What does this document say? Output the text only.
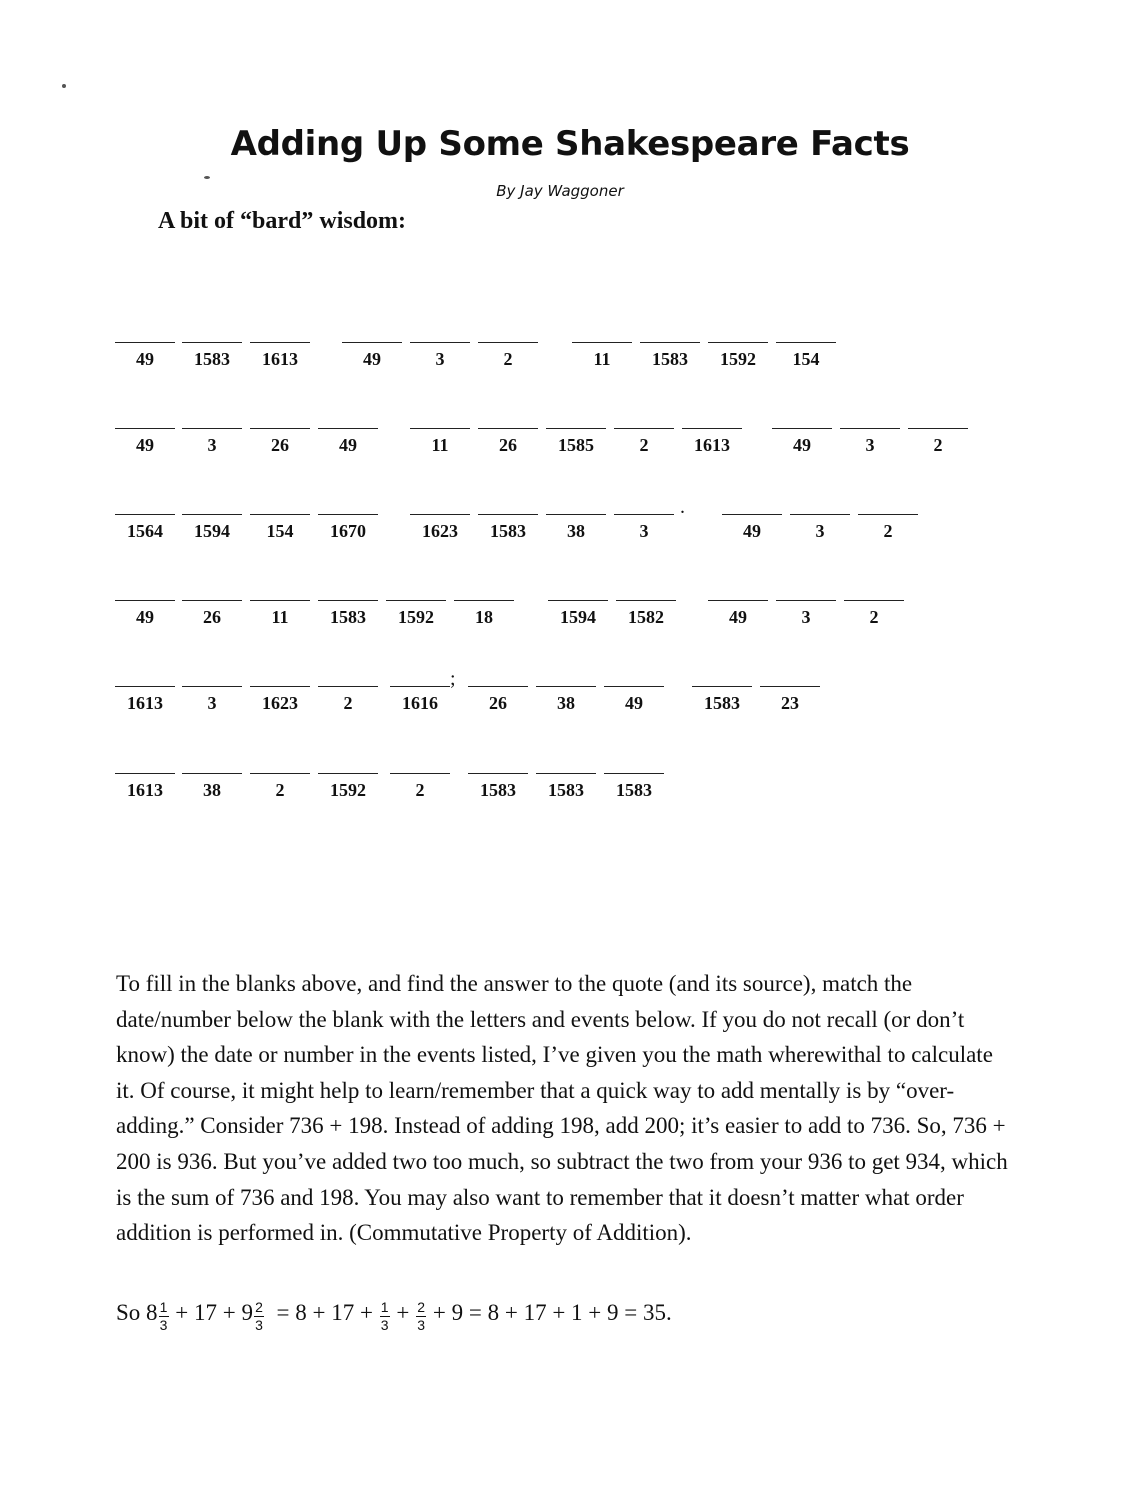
Adding Up Some Shakespeare Facts
By Jay Waggoner
A bit of “bard” wisdom:
.
;
49	1583	1613	49	3	2	11	1583	1592	154
49	3	26	49	11	26	1585	2	1613	49	3	2
1564	1594	154	1670	1623	1583	38	3	49	3	2
49	26	11	1583	1592	18	1594	1582	49	3	2
1613	3	1623	2	1616	26	38	49	1583	23
1613	38	2	1592	2	1583	1583	1583

To fill in the blanks above, and find the answer to the quote (and its source), match the date/number below the blank with the letters and events below. If you do not recall (or don’t know) the date or number in the events listed, I’ve given you the math wherewithal to calculate it. Of course, it might help to learn/remember that a quick way to add mentally is by “over-adding.” Consider 736 + 198. Instead of adding 198, add 200; it’s easier to add to 736. So, 736 + 200 is 936. But you’ve added two too much, so subtract the two from your 936 to get 934, which is the sum of 736 and 198. You may also want to remember that it doesn’t matter what order addition is performed in. (Commutative Property of Addition).

So $8 \frac{1}{3} + 17 + 9 \frac{2}{3} = 8 + 17 + \frac{1}{3} + \frac{2}{3} + 9 = 8 + 17 + 1 + 9 = 35$.
